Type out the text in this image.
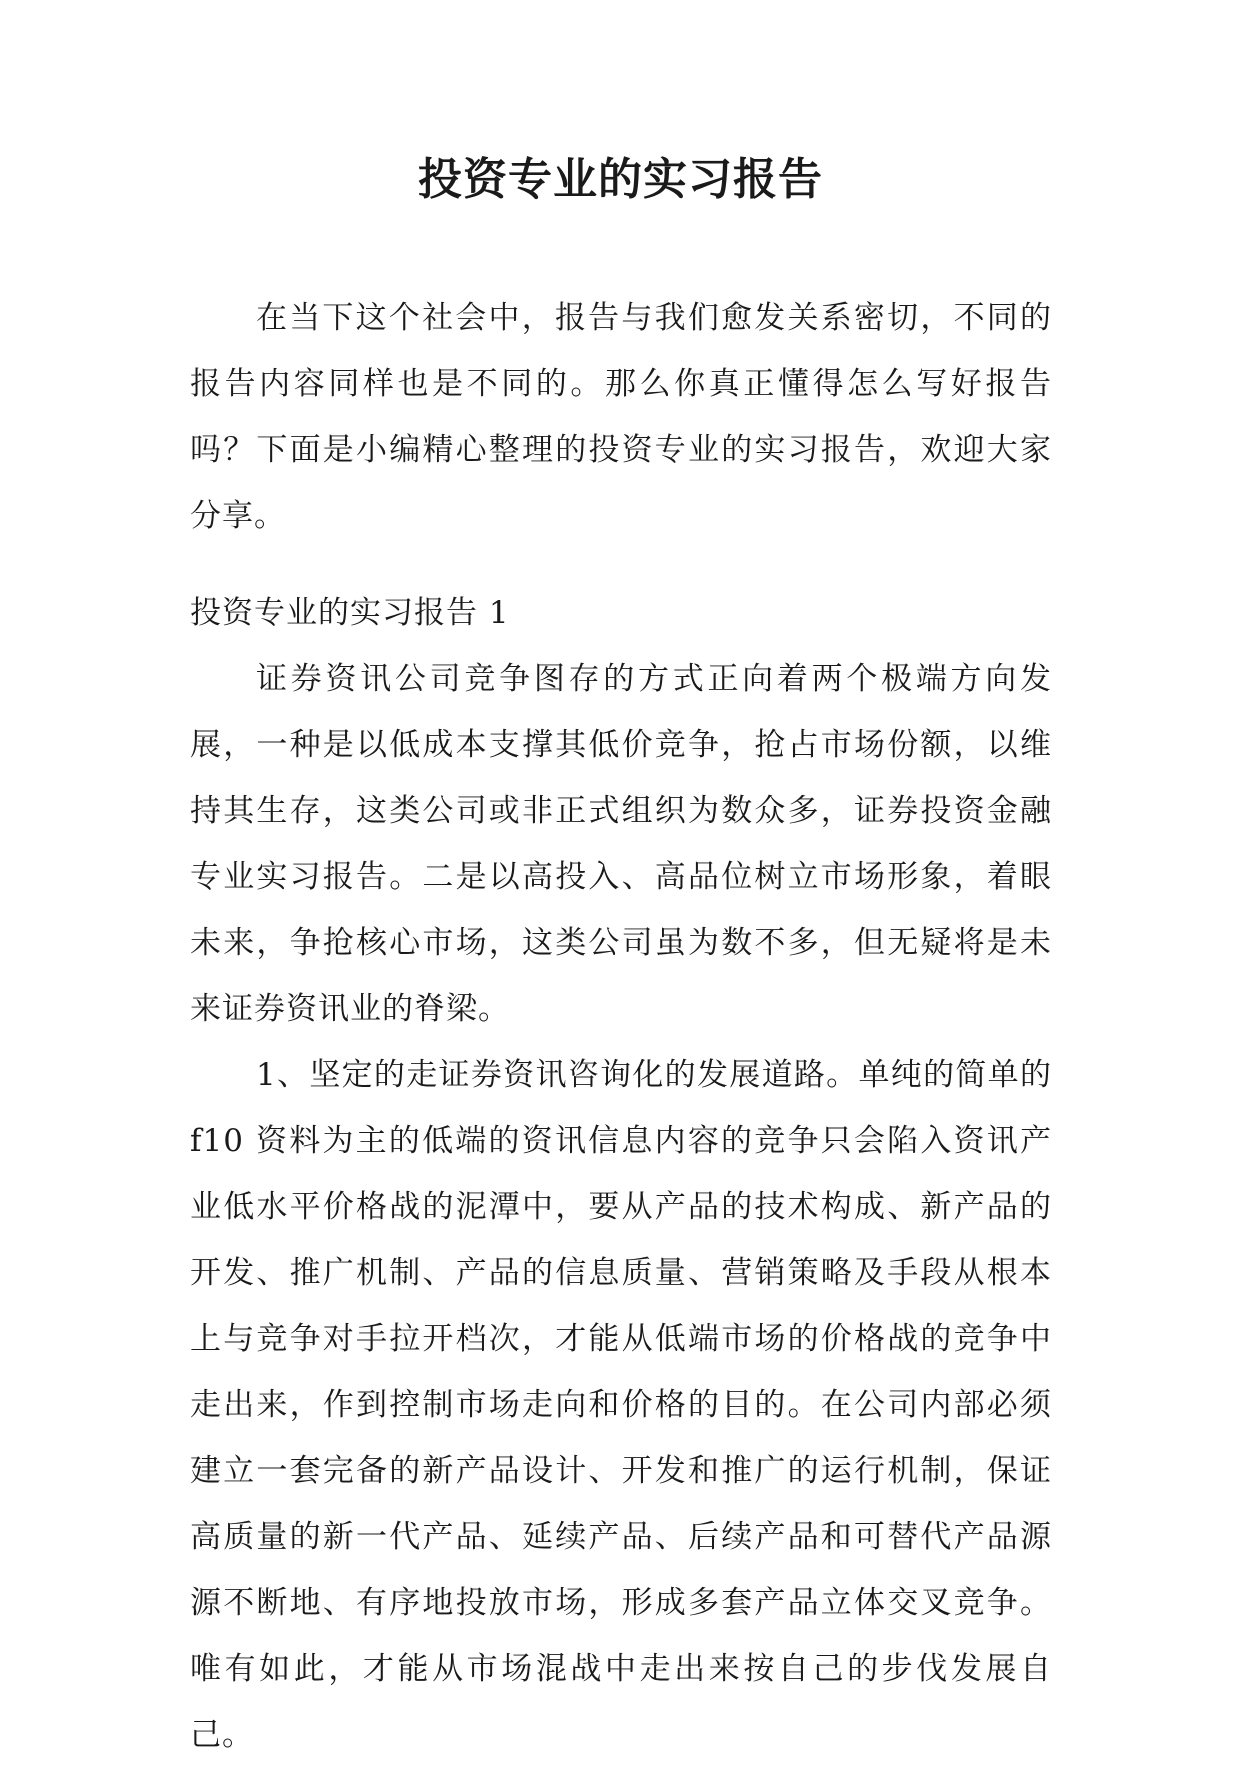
投资专业的实习报告

在当下这个社会中，报告与我们愈发关系密切，不同的报告内容同样也是不同的。那么你真正懂得怎么写好报告吗？下面是小编精心整理的投资专业的实习报告，欢迎大家分享。

投资专业的实习报告 1

证券资讯公司竞争图存的方式正向着两个极端方向发展，一种是以低成本支撑其低价竞争，抢占市场份额，以维持其生存，这类公司或非正式组织为数众多，证券投资金融专业实习报告。二是以高投入、高品位树立市场形象，着眼未来，争抢核心市场，这类公司虽为数不多，但无疑将是未来证券资讯业的脊梁。

1、坚定的走证券资讯咨询化的发展道路。单纯的简单的 f10 资料为主的低端的资讯信息内容的竞争只会陷入资讯产业低水平价格战的泥潭中，要从产品的技术构成、新产品的开发、推广机制、产品的信息质量、营销策略及手段从根本上与竞争对手拉开档次，才能从低端市场的价格战的竞争中走出来，作到控制市场走向和价格的目的。在公司内部必须建立一套完备的新产品设计、开发和推广的运行机制，保证高质量的新一代产品、延续产品、后续产品和可替代产品源源不断地、有序地投放市场，形成多套产品立体交叉竞争。唯有如此，才能从市场混战中走出来按自己的步伐发展自己。
